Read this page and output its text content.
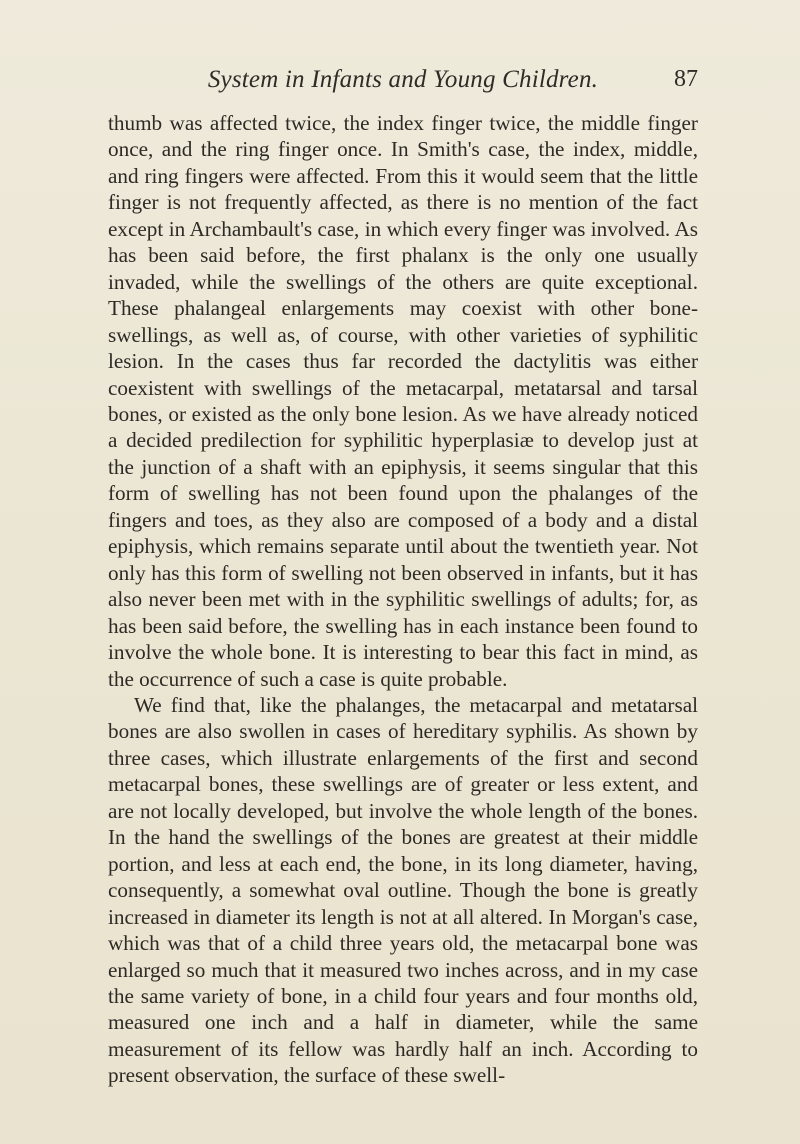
System in Infants and Young Children.	87

thumb was affected twice, the index finger twice, the middle finger once, and the ring finger once. In Smith's case, the index, middle, and ring fingers were affected. From this it would seem that the little finger is not frequently affected, as there is no mention of the fact except in Archambault's case, in which every finger was involved. As has been said before, the first phalanx is the only one usually invaded, while the swellings of the others are quite exceptional. These phalangeal enlargements may coexist with other bone-swellings, as well as, of course, with other varieties of syphilitic lesion. In the cases thus far recorded the dactylitis was either coexistent with swellings of the metacarpal, metatarsal and tarsal bones, or existed as the only bone lesion. As we have already noticed a decided predilection for syphilitic hyperplasiæ to develop just at the junction of a shaft with an epiphysis, it seems singular that this form of swelling has not been found upon the phalanges of the fingers and toes, as they also are composed of a body and a distal epiphysis, which remains separate until about the twentieth year. Not only has this form of swelling not been observed in infants, but it has also never been met with in the syphilitic swellings of adults; for, as has been said before, the swelling has in each instance been found to involve the whole bone. It is interesting to bear this fact in mind, as the occurrence of such a case is quite probable.

We find that, like the phalanges, the metacarpal and metatarsal bones are also swollen in cases of hereditary syphilis. As shown by three cases, which illustrate enlargements of the first and second metacarpal bones, these swellings are of greater or less extent, and are not locally developed, but involve the whole length of the bones. In the hand the swellings of the bones are greatest at their middle portion, and less at each end, the bone, in its long diameter, having, consequently, a somewhat oval outline. Though the bone is greatly increased in diameter its length is not at all altered. In Morgan's case, which was that of a child three years old, the metacarpal bone was enlarged so much that it measured two inches across, and in my case the same variety of bone, in a child four years and four months old, measured one inch and a half in diameter, while the same measurement of its fellow was hardly half an inch. According to present observation, the surface of these swell-
